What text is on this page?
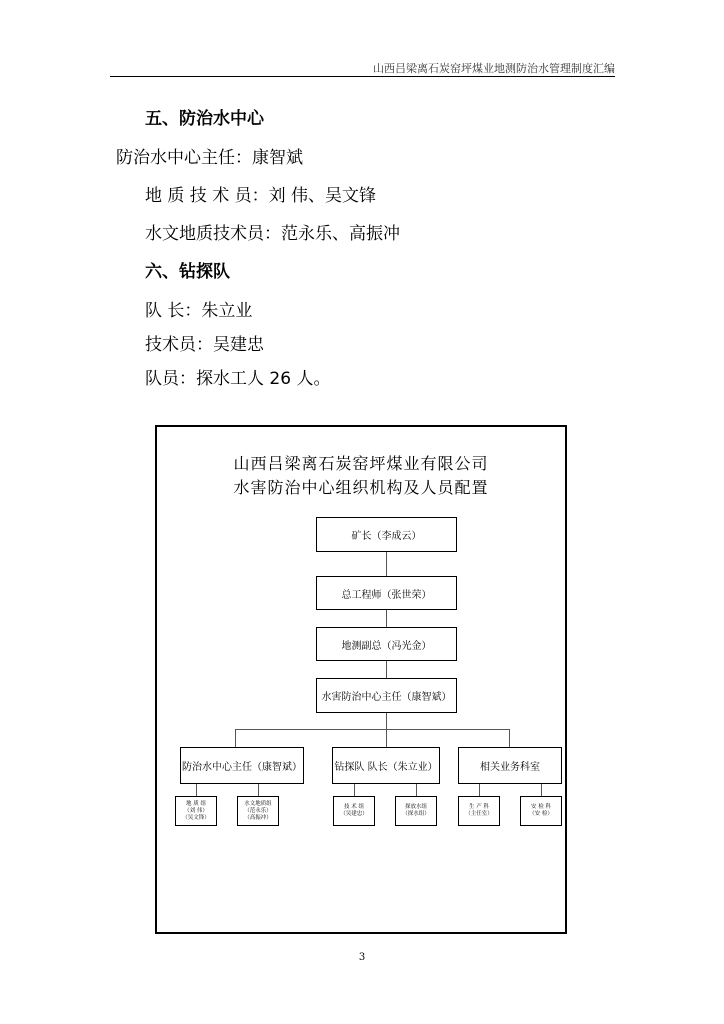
山西吕梁离石炭窑坪煤业地测防治水管理制度汇编
五、防治水中心
防治水中心主任：康智斌
地 质 技 术 员：刘 伟、吴文锋
水文地质技术员：范永乐、高振冲
六、钻探队
队 长：朱立业
技术员：吴建忠
队员：探水工人 26 人。
山西吕梁离石炭窑坪煤业有限公司
水害防治中心组织机构及人员配置
矿长（李成云）
总工程师（张世荣）
地测副总（冯光金）
水害防治中心主任（康智斌）
防治水中心主任（康智斌）	钻探队 队长（朱立业）	相关业务科室
地 质 组
（刘 伟）
（吴文锋）
水文地质组
（范永乐）
（高振冲）
技 术 组
（吴建忠）
探放水组
（探水组）
生 产 科
（主任室）
安 检 科
（安 检）
3
